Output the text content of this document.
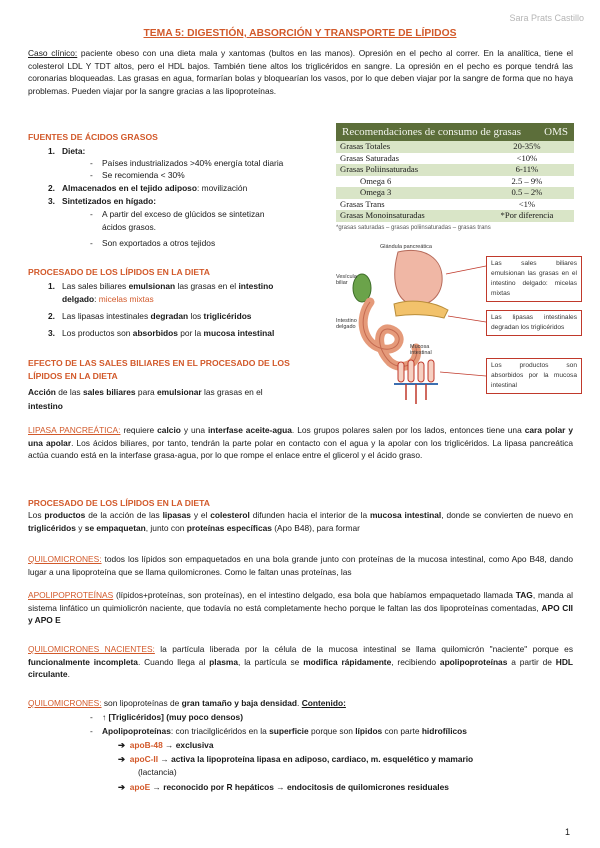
Sara Prats Castillo
TEMA 5: DIGESTIÓN, ABSORCIÓN Y TRANSPORTE DE LÍPIDOS
Caso clínico: paciente obeso con una dieta mala y xantomas (bultos en las manos). Opresión en el pecho al correr. En la analítica, tiene el colesterol LDL Y TDT altos, pero el HDL bajos. También tiene altos los triglicéridos en sangre. La opresión en el pecho es porque tendrá las coronarias bloqueadas. Las grasas en agua, formarían bolas y bloquearían los vasos, por lo que deben viajar por la sangre de forma que no haya problemas. Pueden viajar por la sangre gracias a las lipoproteínas.
FUENTES DE ÁCIDOS GRASOS
1. Dieta:
- Países industrializados >40% energía total diaria
- Se recomienda < 30%
2. Almacenados en el tejido adiposo: movilización
3. Sintetizados en hígado:
- A partir del exceso de glúcidos se sintetizan
ácidos grasos.
- Son exportados a otros tejidos
Recomendaciones de consumo de grasas OMS
Grasas Totales	20-35%
Grasas Saturadas	<10%
Grasas Poliinsaturadas	6-11%
Omega 6	2.5 – 9%
Omega 3	0.5 – 2%
Grasas Trans	<1%
Grasas Monoinsaturadas	*Por diferencia
*grasas saturadas – grasas poliinsaturadas – grasas trans
Glándula pancreática
Vesícula biliar
Intestino delgado
Mucosa intestinal
Las sales biliares emulsionan las grasas en el intestino delgado: micelas mixtas
Las lipasas intestinales degradan los triglicéridos
Los productos son absorbidos por la mucosa intestinal
PROCESADO DE LOS LÍPIDOS EN LA DIETA
1. Las sales biliares emulsionan las grasas en el intestino
delgado: micelas mixtas
2. Las lipasas intestinales degradan los triglicéridos
3. Los productos son absorbidos por la mucosa intestinal
EFECTO DE LAS SALES BILIARES EN EL PROCESADO DE LOS
LÍPIDOS EN LA DIETA
Acción de las sales biliares para emulsionar las grasas en el
intestino
LIPASA PANCREÁTICA: requiere calcio y una interfase aceite-agua. Los grupos polares salen por los lados, entonces tiene una cara polar y una apolar. Los ácidos biliares, por tanto, tendrán la parte polar en contacto con el agua y la apolar con los triglicéridos. La lipasa pancreática actúa cuando está en la interfase grasa-agua, por lo que rompe el enlace entre el glicerol y el ácido graso.
PROCESADO DE LOS LÍPIDOS EN LA DIETA
Los productos de la acción de las lipasas y el colesterol difunden hacia el interior de la mucosa intestinal, donde se convierten de nuevo en triglicéridos y se empaquetan, junto con proteínas específicas (Apo B48), para formar
QUILOMICRONES: todos los lípidos son empaquetados en una bola grande junto con proteínas de la mucosa intestinal, como Apo B48, dando lugar a una lipoproteína que se llama quilomicrones. Como le faltan unas proteínas, las
APOLIPOPROTEÍNAS (lípidos+proteínas, son proteínas), en el intestino delgado, esa bola que habíamos empaquetado llamada TAG, manda al sistema linfático un quimiolicrón naciente, que todavía no está completamente hecho porque le faltan las dos lipoproteínas comentadas, APO CII y APO E
QUILOMICRONES NACIENTES: la partícula liberada por la célula de la mucosa intestinal se llama quilomicrón "naciente" porque es funcionalmente incompleta. Cuando llega al plasma, la partícula se modifica rápidamente, recibiendo apolipoproteínas a partir de HDL circulante.
QUILOMICRONES: son lipoproteínas de gran tamaño y baja densidad. Contenido:
- ↑ [Triglicéridos] (muy poco densos)
- Apolipoproteínas: con triacilglicéridos en la superficie porque son lípidos con parte hidrofílicos
➔ apoB-48 → exclusiva
➔ apoC-II → activa la lipoproteína lipasa en adiposo, cardiaco, m. esquelético y mamario
(lactancia)
➔ apoE → reconocido por R hepáticos → endocitosis de quilomicrones residuales
1
